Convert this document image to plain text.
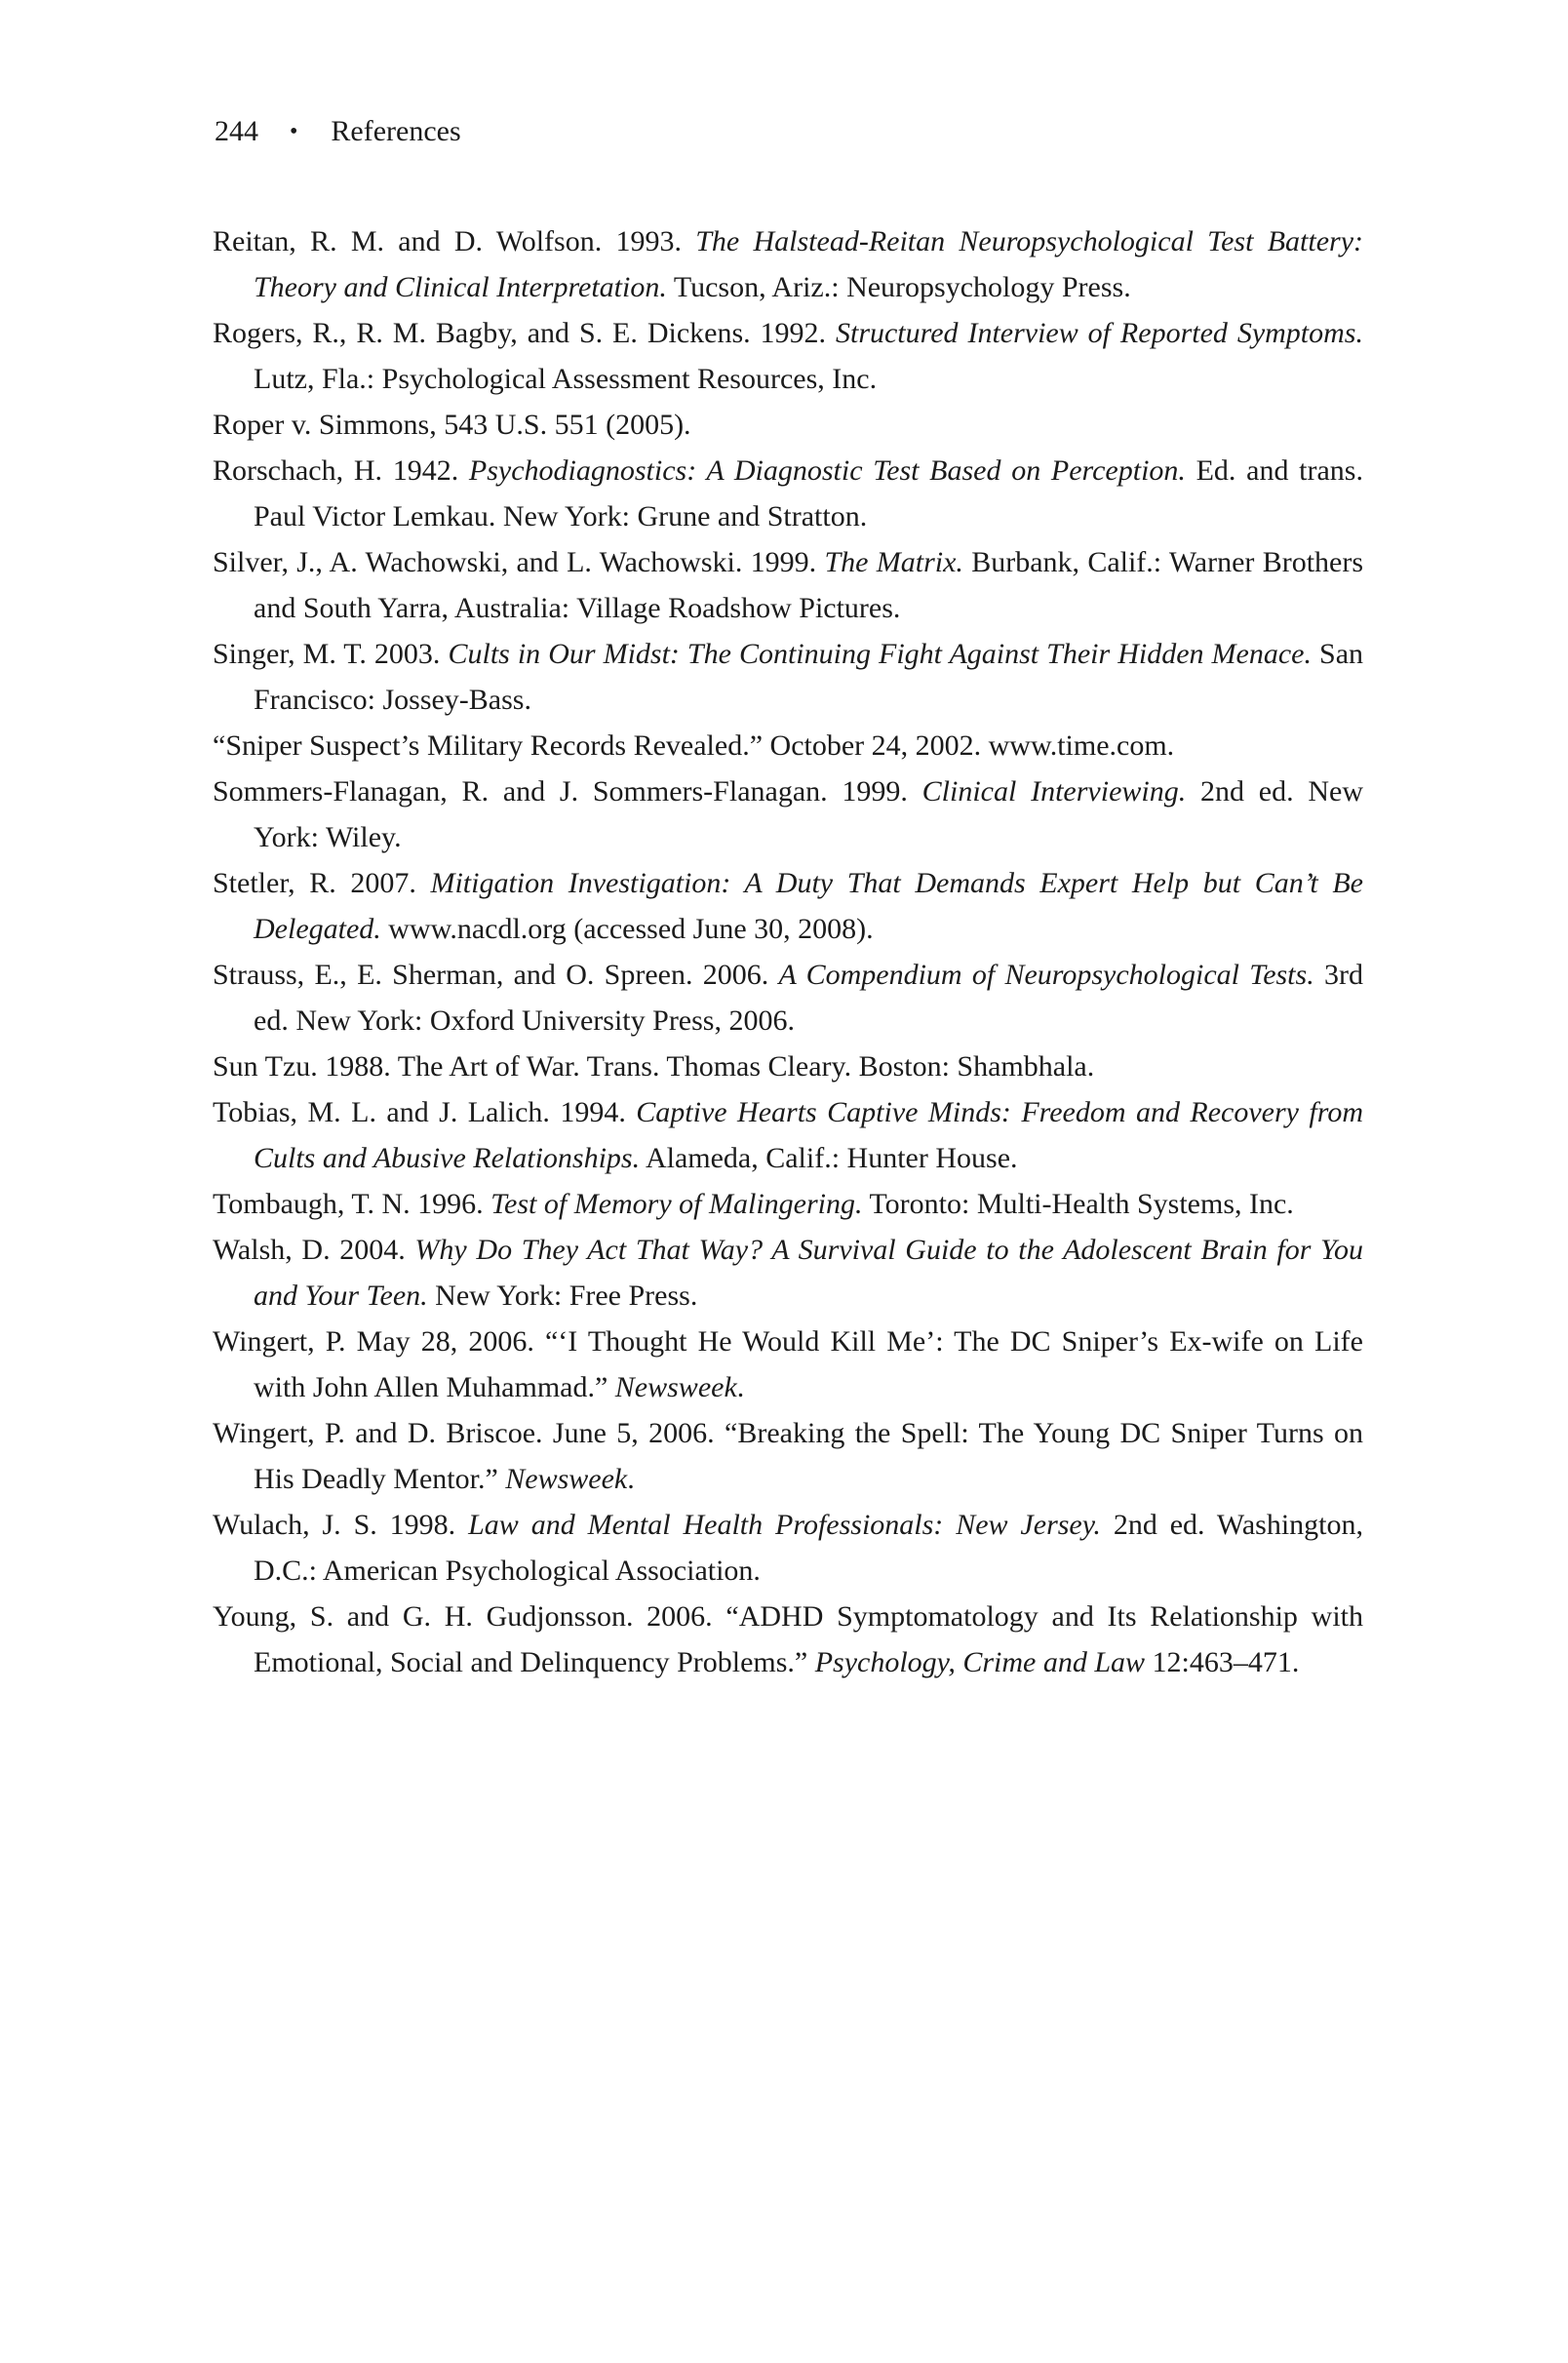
244 • References

Reitan, R. M. and D. Wolfson. 1993. The Halstead-Reitan Neuropsychological Test Battery: Theory and Clinical Interpretation. Tucson, Ariz.: Neuropsychology Press.

Rogers, R., R. M. Bagby, and S. E. Dickens. 1992. Structured Interview of Reported Symptoms. Lutz, Fla.: Psychological Assessment Resources, Inc.

Roper v. Simmons, 543 U.S. 551 (2005).

Rorschach, H. 1942. Psychodiagnostics: A Diagnostic Test Based on Perception. Ed. and trans. Paul Victor Lemkau. New York: Grune and Stratton.

Silver, J., A. Wachowski, and L. Wachowski. 1999. The Matrix. Burbank, Calif.: Warner Brothers and South Yarra, Australia: Village Roadshow Pictures.

Singer, M. T. 2003. Cults in Our Midst: The Continuing Fight Against Their Hidden Menace. San Francisco: Jossey-Bass.

“Sniper Suspect’s Military Records Revealed.” October 24, 2002. www.time.com.

Sommers-Flanagan, R. and J. Sommers-Flanagan. 1999. Clinical Interviewing. 2nd ed. New York: Wiley.

Stetler, R. 2007. Mitigation Investigation: A Duty That Demands Expert Help but Can’t Be Delegated. www.nacdl.org (accessed June 30, 2008).

Strauss, E., E. Sherman, and O. Spreen. 2006. A Compendium of Neuropsychological Tests. 3rd ed. New York: Oxford University Press, 2006.

Sun Tzu. 1988. The Art of War. Trans. Thomas Cleary. Boston: Shambhala.

Tobias, M. L. and J. Lalich. 1994. Captive Hearts Captive Minds: Freedom and Recovery from Cults and Abusive Relationships. Alameda, Calif.: Hunter House.

Tombaugh, T. N. 1996. Test of Memory of Malingering. Toronto: Multi-Health Systems, Inc.

Walsh, D. 2004. Why Do They Act That Way? A Survival Guide to the Adolescent Brain for You and Your Teen. New York: Free Press.

Wingert, P. May 28, 2006. “‘I Thought He Would Kill Me’: The DC Sniper’s Ex-wife on Life with John Allen Muhammad.” Newsweek.

Wingert, P. and D. Briscoe. June 5, 2006. “Breaking the Spell: The Young DC Sniper Turns on His Deadly Mentor.” Newsweek.

Wulach, J. S. 1998. Law and Mental Health Professionals: New Jersey. 2nd ed. Washington, D.C.: American Psychological Association.

Young, S. and G. H. Gudjonsson. 2006. “ADHD Symptomatology and Its Relationship with Emotional, Social and Delinquency Problems.” Psychology, Crime and Law 12:463–471.
